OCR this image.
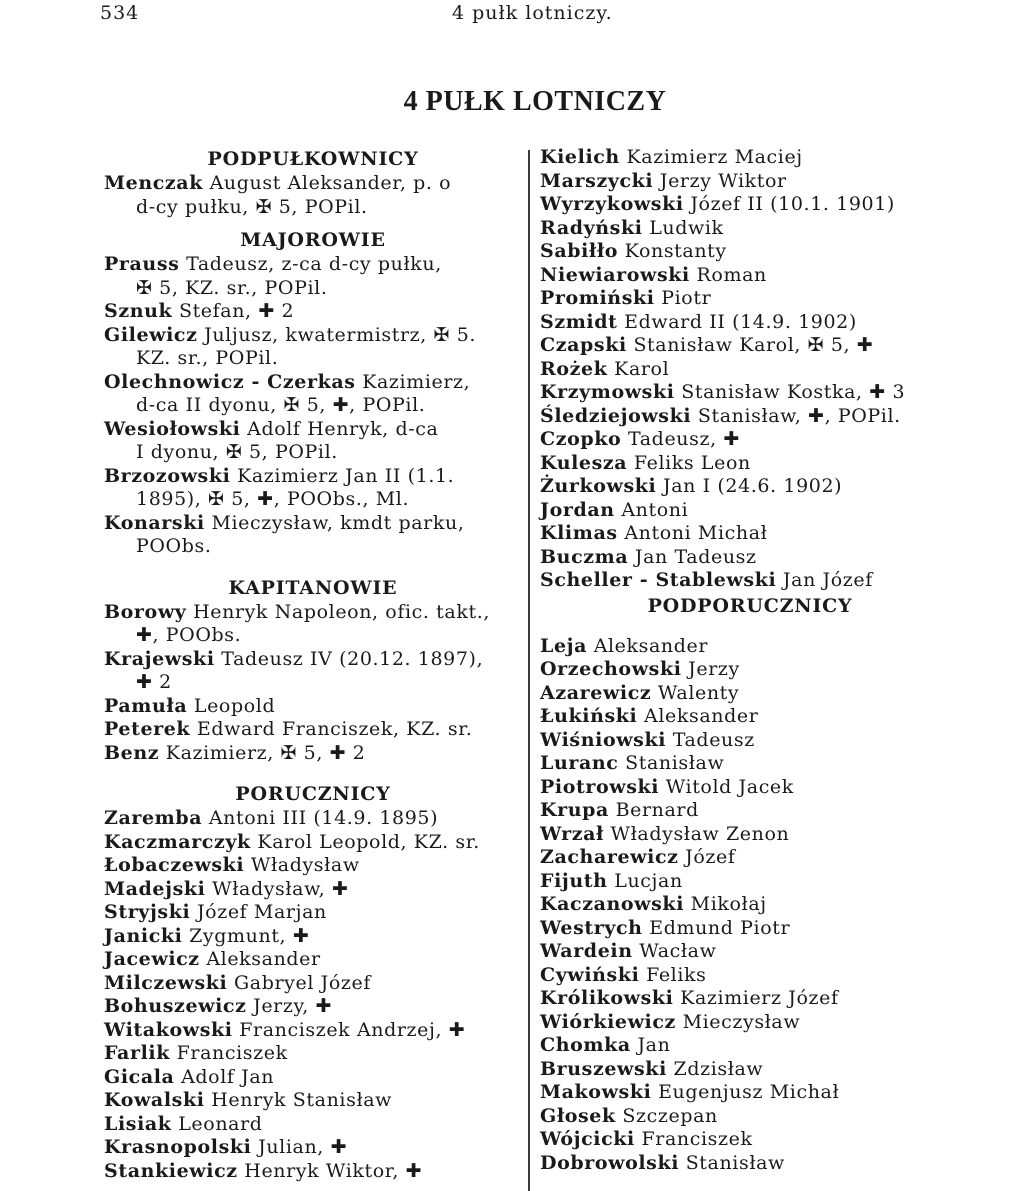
534	4 pułk lotniczy.
4 PUŁK LOTNICZY
PODPUŁKOWNICY
Menczak August Aleksander, p. o
d-cy pułku, ✠ 5, POPil.
MAJOROWIE
Prauss Tadeusz, z-ca d-cy pułku,
✠ 5, KZ. sr., POPil.
Sznuk Stefan, ✚ 2
Gilewicz Juljusz, kwatermistrz, ✠ 5.
KZ. sr., POPil.
Olechnowicz - Czerkas Kazimierz,
d-ca II dyonu, ✠ 5, ✚, POPil.
Wesiołowski Adolf Henryk, d-ca
I dyonu, ✠ 5, POPil.
Brzozowski Kazimierz Jan II (1.1.
1895), ✠ 5, ✚, POObs., Ml.
Konarski Mieczysław, kmdt parku,
POObs.
KAPITANOWIE
Borowy Henryk Napoleon, ofic. takt.,
✚, POObs.
Krajewski Tadeusz IV (20.12. 1897),
✚ 2
Pamuła Leopold
Peterek Edward Franciszek, KZ. sr.
Benz Kazimierz, ✠ 5, ✚ 2
PORUCZNICY
Zaremba Antoni III (14.9. 1895)
Kaczmarczyk Karol Leopold, KZ. sr.
Łobaczewski Władysław
Madejski Władysław, ✚
Stryjski Józef Marjan
Janicki Zygmunt, ✚
Jacewicz Aleksander
Milczewski Gabryel Józef
Bohuszewicz Jerzy, ✚
Witakowski Franciszek Andrzej, ✚
Farlik Franciszek
Gicala Adolf Jan
Kowalski Henryk Stanisław
Lisiak Leonard
Krasnopolski Julian, ✚
Stankiewicz Henryk Wiktor, ✚
Kielich Kazimierz Maciej
Marszycki Jerzy Wiktor
Wyrzykowski Józef II (10.1. 1901)
Radyński Ludwik
Sabiłło Konstanty
Niewiarowski Roman
Promiński Piotr
Szmidt Edward II (14.9. 1902)
Czapski Stanisław Karol, ✠ 5, ✚
Rożek Karol
Krzymowski Stanisław Kostka, ✚ 3
Śledziejowski Stanisław, ✚, POPil.
Czopko Tadeusz, ✚
Kulesza Feliks Leon
Żurkowski Jan I (24.6. 1902)
Jordan Antoni
Klimas Antoni Michał
Buczma Jan Tadeusz
Scheller - Stablewski Jan Józef
PODPORUCZNICY
Leja Aleksander
Orzechowski Jerzy
Azarewicz Walenty
Łukiński Aleksander
Wiśniowski Tadeusz
Luranc Stanisław
Piotrowski Witold Jacek
Krupa Bernard
Wrzał Władysław Zenon
Zacharewicz Józef
Fijuth Lucjan
Kaczanowski Mikołaj
Westrych Edmund Piotr
Wardein Wacław
Cywiński Feliks
Królikowski Kazimierz Józef
Wiórkiewicz Mieczysław
Chomka Jan
Bruszewski Zdzisław
Makowski Eugenjusz Michał
Głosek Szczepan
Wójcicki Franciszek
Dobrowolski Stanisław
